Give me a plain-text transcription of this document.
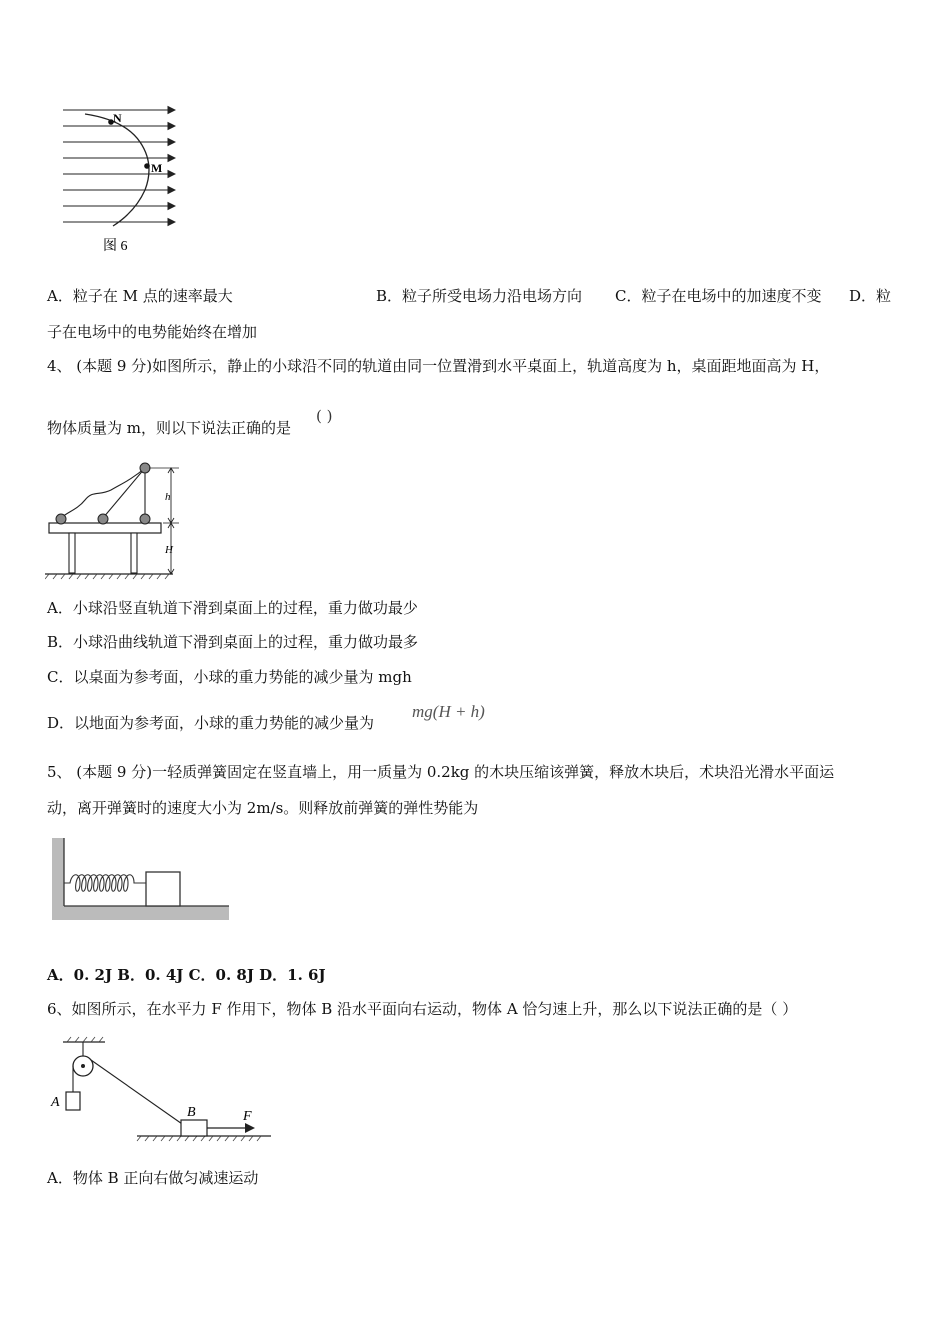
N
M
图 6
A．粒子在 M 点的速率最大	B．粒子所受电场力沿电场方向 C．粒子在电场中的加速度不变 D．粒
子在电场中的电势能始终在增加
4、 (本题 9 分)如图所示，静止的小球沿不同的轨道由同一位置滑到水平桌面上，轨道高度为 h，桌面距地面高为 H，
物体质量为 m，则以下说法正确的是
( )
h
H
A．小球沿竖直轨道下滑到桌面上的过程，重力做功最少
B．小球沿曲线轨道下滑到桌面上的过程，重力做功最多
C．以桌面为参考面，小球的重力势能的减少量为 mgh
D．以地面为参考面，小球的重力势能的减少量为
mg(H + h)
5、 (本题 9 分)一轻质弹簧固定在竖直墙上，用一质量为 0.2kg 的木块压缩该弹簧，释放木块后，术块沿光滑水平面运
动，离开弹簧时的速度大小为 2m/s。则释放前弹簧的弹性势能为
A．0. 2J B．0. 4J C．0. 8J D．1. 6J
6、如图所示，在水平力 F 作用下，物体 B 沿水平面向右运动，物体 A 恰匀速上升，那么以下说法正确的是（ ）
A
B	F
A．物体 B 正向右做匀减速运动
